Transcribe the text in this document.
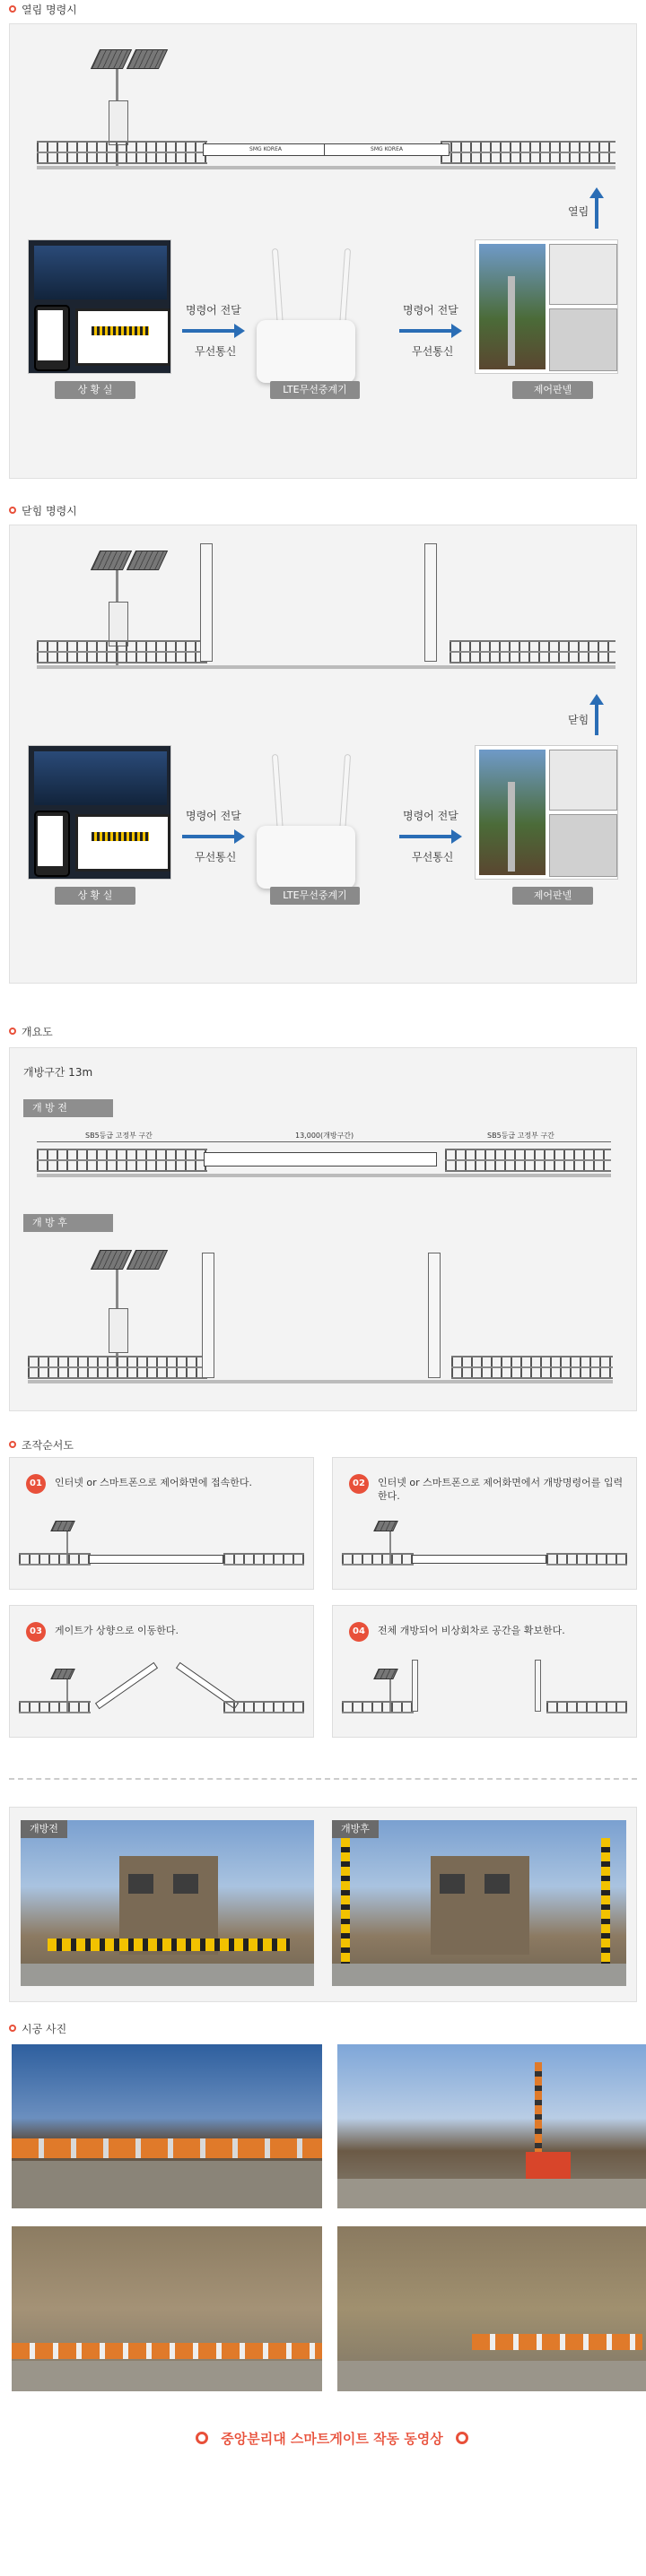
열림 명령시
SMG KOREA	SMG KOREA
열림
상 황 실
명령어 전달
무선통신
LTE무선중계기
명령어 전달
무선통신
제어판넬
닫힘 명령시
닫힘
상 황 실
명령어 전달
무선통신
LTE무선중계기
명령어 전달
무선통신
제어판넬
개요도
개방구간 13m
개 방 전
SB5등급 고정부 구간	13,000(개방구간)	SB5등급 고정부 구간
개 방 후
조작순서도
01	인터넷 or 스마트폰으로 제어화면에 접속한다.	02	인터넷 or 스마트폰으로 제어화면에서 개방명령어를 입력한다.
03	게이트가 상향으로 이동한다.	04	전체 개방되어 비상회차로 공간을 확보한다.
개방전	개방후
시공 사진
중앙분리대 스마트게이트 작동 동영상
